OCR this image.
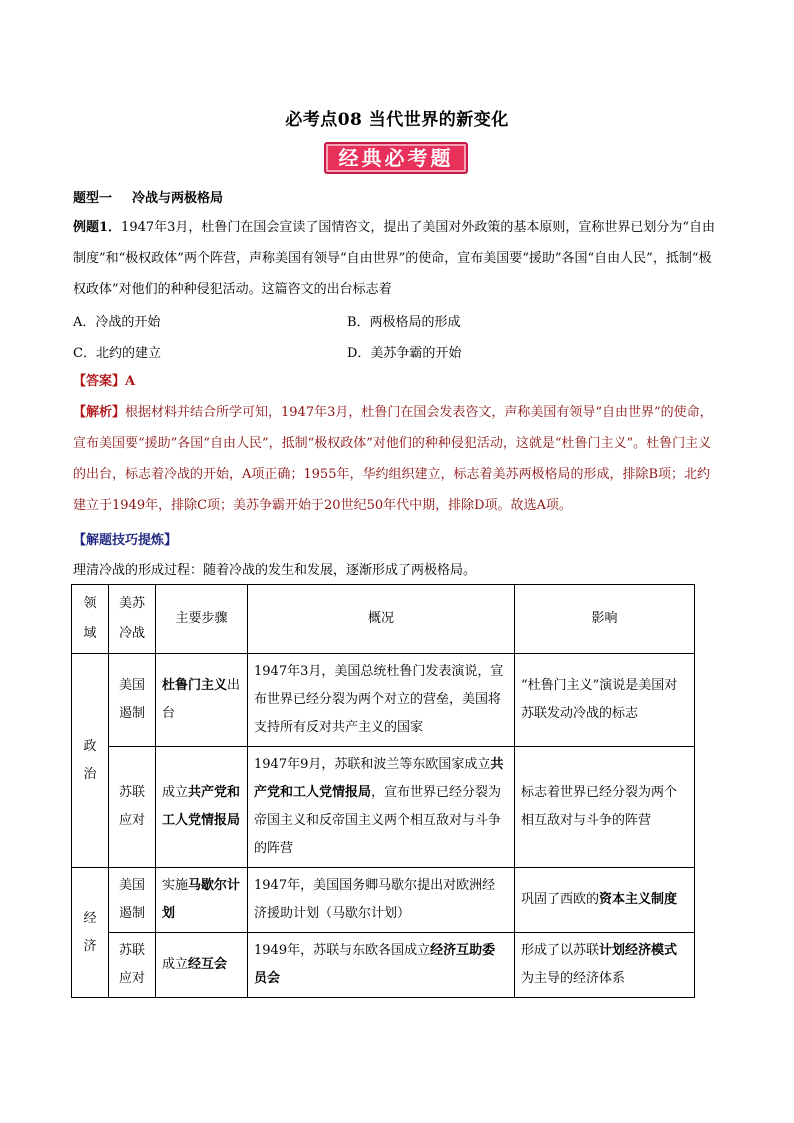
必考点08 当代世界的新变化
经典必考题
题型一 冷战与两极格局
例题1．1947年3月，杜鲁门在国会宣读了国情咨文，提出了美国对外政策的基本原则，宣称世界已划分为“自由制度”和“极权政体”两个阵营，声称美国有领导“自由世界”的使命，宣布美国要“援助”各国“自由人民”，抵制“极权政体”对他们的种种侵犯活动。这篇咨文的出台标志着
A．冷战的开始	B．两极格局的形成
C．北约的建立	D．美苏争霸的开始
【答案】A
【解析】根据材料并结合所学可知，1947年3月，杜鲁门在国会发表咨文，声称美国有领导“自由世界”的使命，宣布美国要“援助”各国“自由人民”，抵制“极权政体”对他们的种种侵犯活动，这就是“杜鲁门主义”。杜鲁门主义的出台，标志着冷战的开始，A项正确；1955年，华约组织建立，标志着美苏两极格局的形成，排除B项；北约建立于1949年，排除C项；美苏争霸开始于20世纪50年代中期，排除D项。故选A项。
【解题技巧提炼】
理清冷战的形成过程：随着冷战的发生和发展，逐渐形成了两极格局。
领域	美苏冷战	主要步骤	概况	影响
政治	美国遏制	杜鲁门主义出台	1947年3月，美国总统杜鲁门发表演说，宣布世界已经分裂为两个对立的营垒，美国将支持所有反对共产主义的国家	“杜鲁门主义”演说是美国对苏联发动冷战的标志
	苏联应对	成立共产党和工人党情报局	1947年9月，苏联和波兰等东欧国家成立共产党和工人党情报局，宣布世界已经分裂为帝国主义和反帝国主义两个相互敌对与斗争的阵营	标志着世界已经分裂为两个相互敌对与斗争的阵营
经济	美国遏制	实施马歇尔计划	1947年，美国国务卿马歇尔提出对欧洲经济援助计划（马歇尔计划）	巩固了西欧的资本主义制度
	苏联应对	成立经互会	1949年，苏联与东欧各国成立经济互助委员会	形成了以苏联计划经济模式为主导的经济体系
